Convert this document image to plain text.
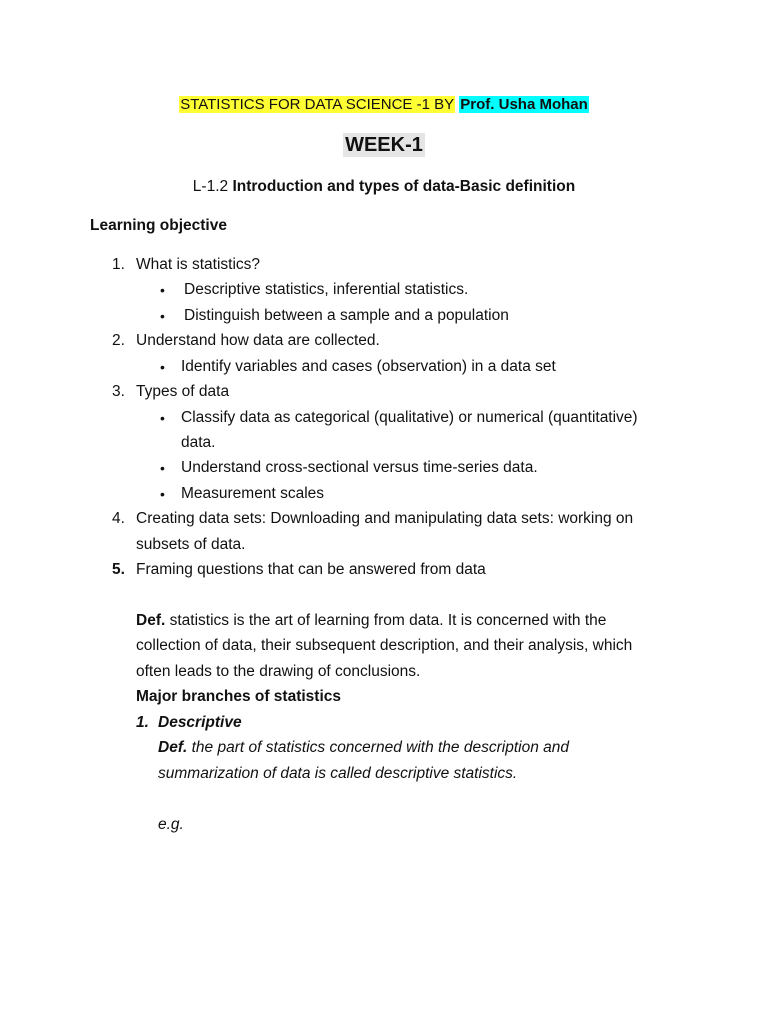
STATISTICS FOR DATA SCIENCE -1 BY Prof. Usha Mohan
WEEK-1
L-1.2 Introduction and types of data-Basic definition
Learning objective
1. What is statistics?
• Descriptive statistics, inferential statistics.
• Distinguish between a sample and a population
2. Understand how data are collected.
• Identify variables and cases (observation) in a data set
3. Types of data
• Classify data as categorical (qualitative) or numerical (quantitative)
data.
• Understand cross-sectional versus time-series data.
• Measurement scales
4. Creating data sets: Downloading and manipulating data sets: working on
subsets of data.
5. Framing questions that can be answered from data
Def. statistics is the art of learning from data. It is concerned with the
collection of data, their subsequent description, and their analysis, which
often leads to the drawing of conclusions.
Major branches of statistics
1. Descriptive
Def. the part of statistics concerned with the description and
summarization of data is called descriptive statistics.
e.g.
